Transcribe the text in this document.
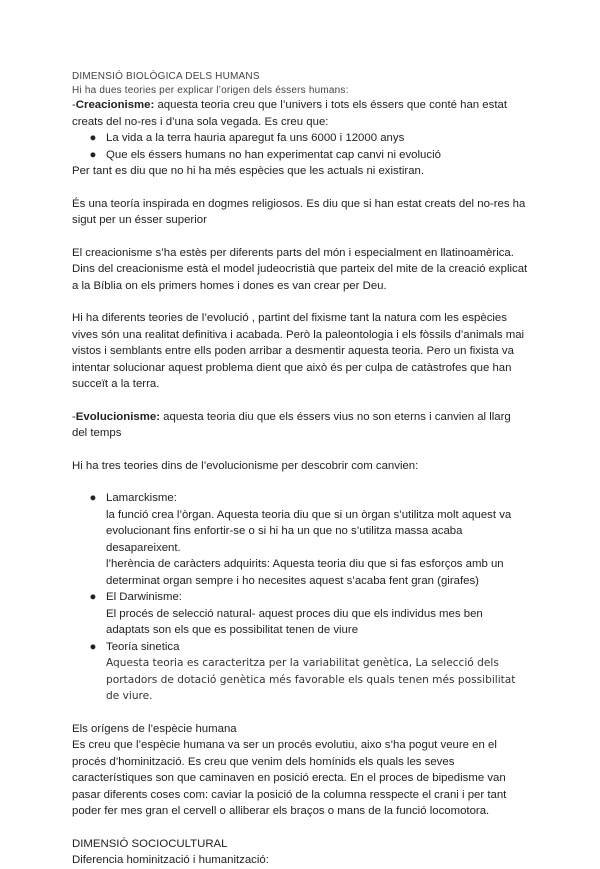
DIMENSIÓ BIOLÒGICA DELS HUMANS

Hi ha dues teories per explicar l’origen dels éssers humans:

-Creacionisme: aquesta teoria creu que l’univers i tots els éssers que conté han estat creats del no-res i d’una sola vegada. Es creu que:

● La vida a la terra hauria aparegut fa uns 6000 i 12000 anys
● Que els éssers humans no han experimentat cap canvi ni evolució

Per tant es diu que no hi ha més espècies que les actuals ni existiran.

És una teoría inspirada en dogmes religiosos. Es diu que si han estat creats del no-res ha sigut per un ésser superior

El creacionisme s’ha estès per diferents parts del món i especialment en llatinoamèrica. Dins del creacionisme està el model judeocristià que parteix del mite de la creació explicat a la Bíblia on els primers homes i dones es van crear per Deu.

Hi ha diferents teories de l’evolució , partint del fixisme tant la natura com les espècies vives són una realitat definitiva i acabada. Però la paleontologia i els fòssils d’animals mai vistos i semblants entre ells poden arribar a desmentir aquesta teoria. Pero un fixista va intentar solucionar aquest problema dient que això és per culpa de catàstrofes que han succeït a la terra.

-Evolucionisme: aquesta teoria diu que els éssers vius no son eterns i canvien al llarg del temps

Hi ha tres teories dins de l’evolucionisme per descobrir com canvien:

● Lamarckisme:

la funció crea l’òrgan. Aquesta teoria diu que si un òrgan s’utilitza molt aquest va evolucionant fins enfortir-se o si hi ha un que no s’utilitza massa acaba desapareixent.

l’herència de caràcters adquirits: Aquesta teoria diu que si fas esforços amb un determinat organ sempre i ho necesites aquest s’acaba fent gran (girafes)

● El Darwinisme:

El procés de selecció natural- aquest proces diu que els individus mes ben adaptats son els que es possibilitat tenen de viure

● Teoría sinetica

Aquesta teoria es caracteritza per la variabilitat genètica, La selecció dels portadors de dotació genètica més favorable els quals tenen més possibilitat de viure.

Els orígens de l’espècie humana

Es creu que l’espècie humana va ser un procés evolutiu, aixo s’ha pogut veure en el procés d’hominització. Es creu que venim dels homínids els quals les seves característiques son que caminaven en posició erecta. En el proces de bipedisme van pasar diferents coses com: caviar la posició de la columna resspecte el crani i per tant poder fer mes gran el cervell o alliberar els braços o mans de la funció locomotora.

DIMENSIÓ SOCIOCULTURAL

Diferencia hominització i humanització:
